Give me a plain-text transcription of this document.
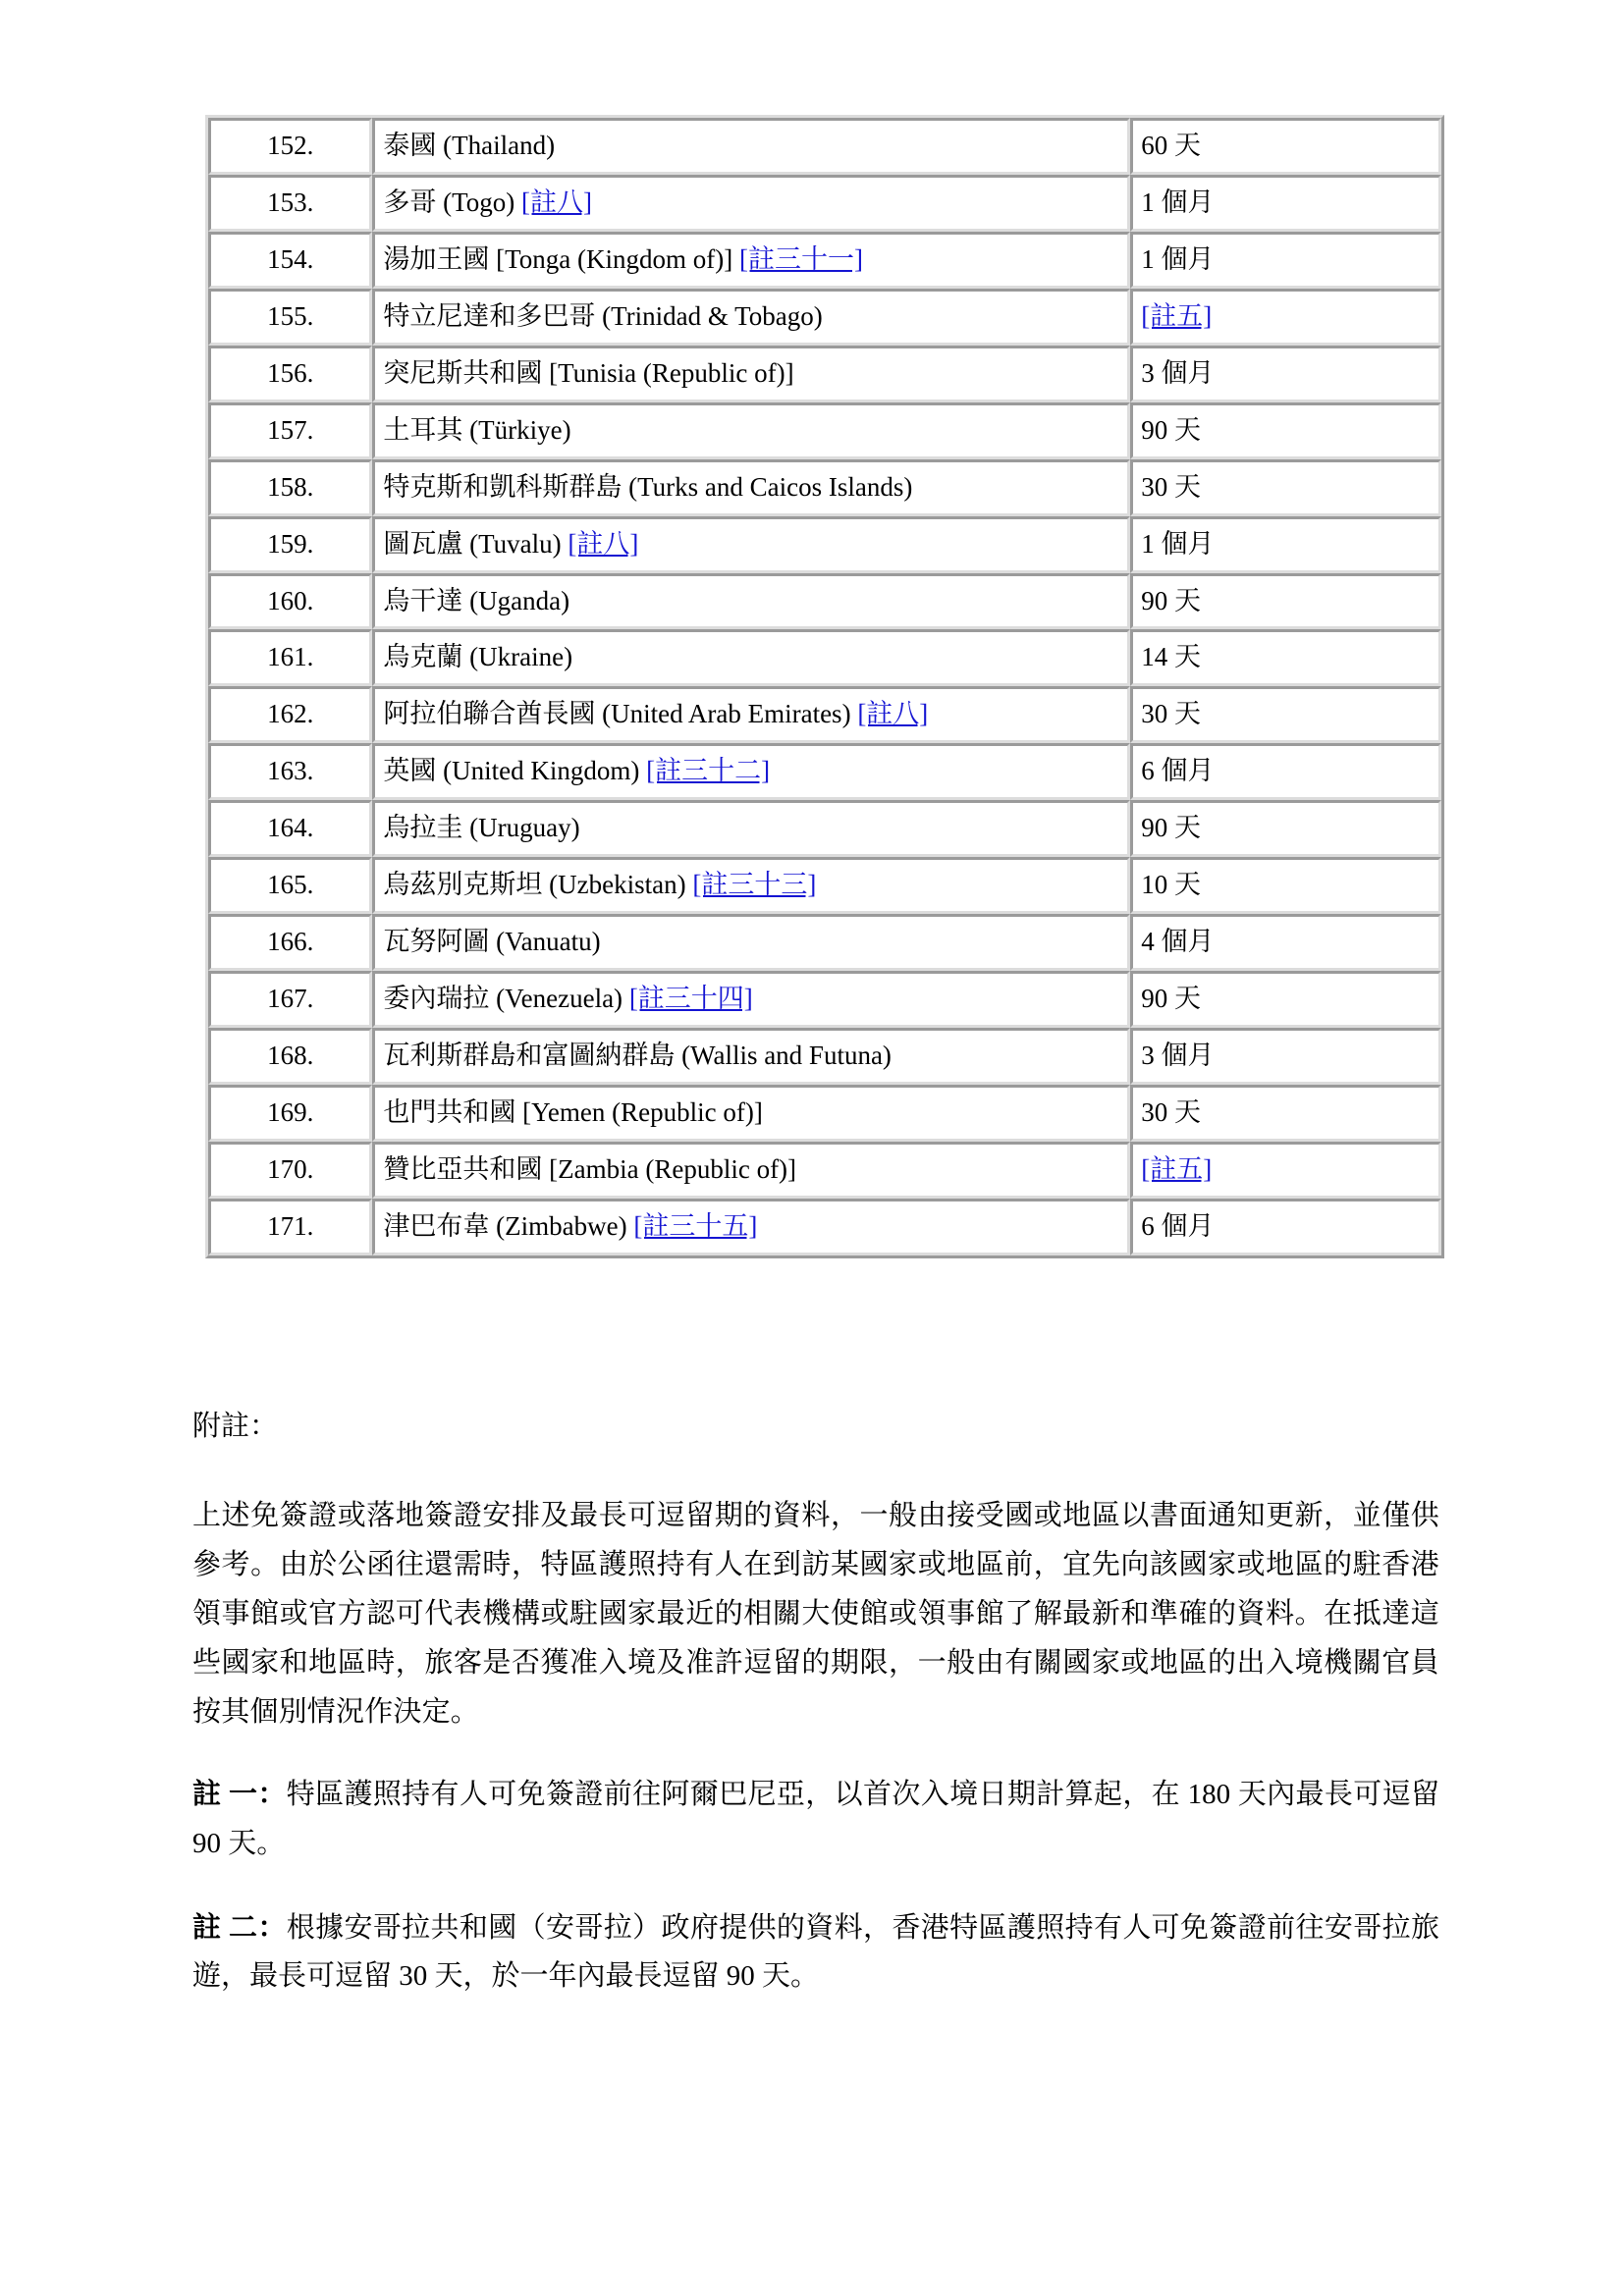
152.	泰國 (Thailand)	60 天
153.	多哥 (Togo) [註八]	1 個月
154.	湯加王國 [Tonga (Kingdom of)] [註三十一]	1 個月
155.	特立尼達和多巴哥 (Trinidad & Tobago)	[註五]
156.	突尼斯共和國 [Tunisia (Republic of)]	3 個月
157.	土耳其 (Türkiye)	90 天
158.	特克斯和凱科斯群島 (Turks and Caicos Islands)	30 天
159.	圖瓦盧 (Tuvalu) [註八]	1 個月
160.	烏干達 (Uganda)	90 天
161.	烏克蘭 (Ukraine)	14 天
162.	阿拉伯聯合酋長國 (United Arab Emirates) [註八]	30 天
163.	英國 (United Kingdom) [註三十二]	6 個月
164.	烏拉圭 (Uruguay)	90 天
165.	烏茲別克斯坦 (Uzbekistan) [註三十三]	10 天
166.	瓦努阿圖 (Vanuatu)	4 個月
167.	委內瑞拉 (Venezuela) [註三十四]	90 天
168.	瓦利斯群島和富圖納群島 (Wallis and Futuna)	3 個月
169.	也門共和國 [Yemen (Republic of)]	30 天
170.	贊比亞共和國 [Zambia (Republic of)]	[註五]
171.	津巴布韋 (Zimbabwe) [註三十五]	6 個月
附註：

上述免簽證或落地簽證安排及最長可逗留期的資料，一般由接受國或地區以書面通知更新，並僅供參考。由於公函往還需時，特區護照持有人在到訪某國家或地區前，宜先向該國家或地區的駐香港領事館或官方認可代表機構或駐國家最近的相關大使館或領事館了解最新和準確的資料。在抵達這些國家和地區時，旅客是否獲准入境及准許逗留的期限，一般由有關國家或地區的出入境機關官員按其個別情況作決定。

註 一：特區護照持有人可免簽證前往阿爾巴尼亞，以首次入境日期計算起，在 180 天內最長可逗留 90 天。

註 二：根據安哥拉共和國（安哥拉）政府提供的資料，香港特區護照持有人可免簽證前往安哥拉旅遊，最長可逗留 30 天，於一年內最長逗留 90 天。
